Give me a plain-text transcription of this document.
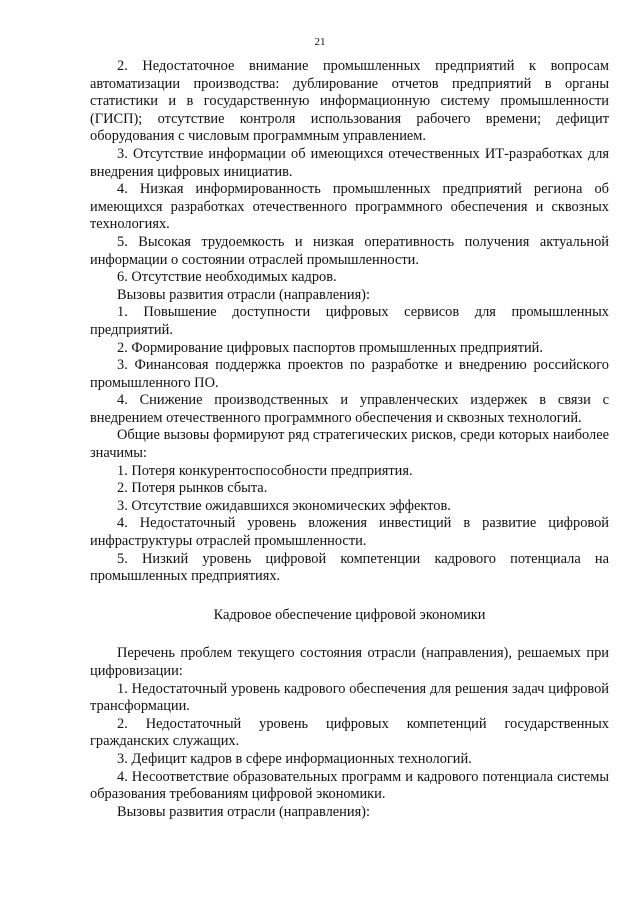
21

2. Недостаточное внимание промышленных предприятий к вопросам автоматизации производства: дублирование отчетов предприятий в органы статистики и в государственную информационную систему промышленности (ГИСП); отсутствие контроля использования рабочего времени; дефицит оборудования с числовым программным управлением.

3. Отсутствие информации об имеющихся отечественных ИТ-разработках для внедрения цифровых инициатив.

4. Низкая информированность промышленных предприятий региона об имеющихся разработках отечественного программного обеспечения и сквозных технологиях.

5. Высокая трудоемкость и низкая оперативность получения актуальной информации о состоянии отраслей промышленности.

6. Отсутствие необходимых кадров.

Вызовы развития отрасли (направления):

1. Повышение доступности цифровых сервисов для промышленных предприятий.

2. Формирование цифровых паспортов промышленных предприятий.

3. Финансовая поддержка проектов по разработке и внедрению российского промышленного ПО.

4. Снижение производственных и управленческих издержек в связи с внедрением отечественного программного обеспечения и сквозных технологий.

Общие вызовы формируют ряд стратегических рисков, среди которых наиболее значимы:

1. Потеря конкурентоспособности предприятия.

2. Потеря рынков сбыта.

3. Отсутствие ожидавшихся экономических эффектов.

4. Недостаточный уровень вложения инвестиций в развитие цифровой инфраструктуры отраслей промышленности.

5. Низкий уровень цифровой компетенции кадрового потенциала на промышленных предприятиях.

Кадровое обеспечение цифровой экономики

Перечень проблем текущего состояния отрасли (направления), решаемых при цифровизации:

1. Недостаточный уровень кадрового обеспечения для решения задач цифровой трансформации.

2. Недостаточный уровень цифровых компетенций государственных гражданских служащих.

3. Дефицит кадров в сфере информационных технологий.

4. Несоответствие образовательных программ и кадрового потенциала системы образования требованиям цифровой экономики.

Вызовы развития отрасли (направления):
